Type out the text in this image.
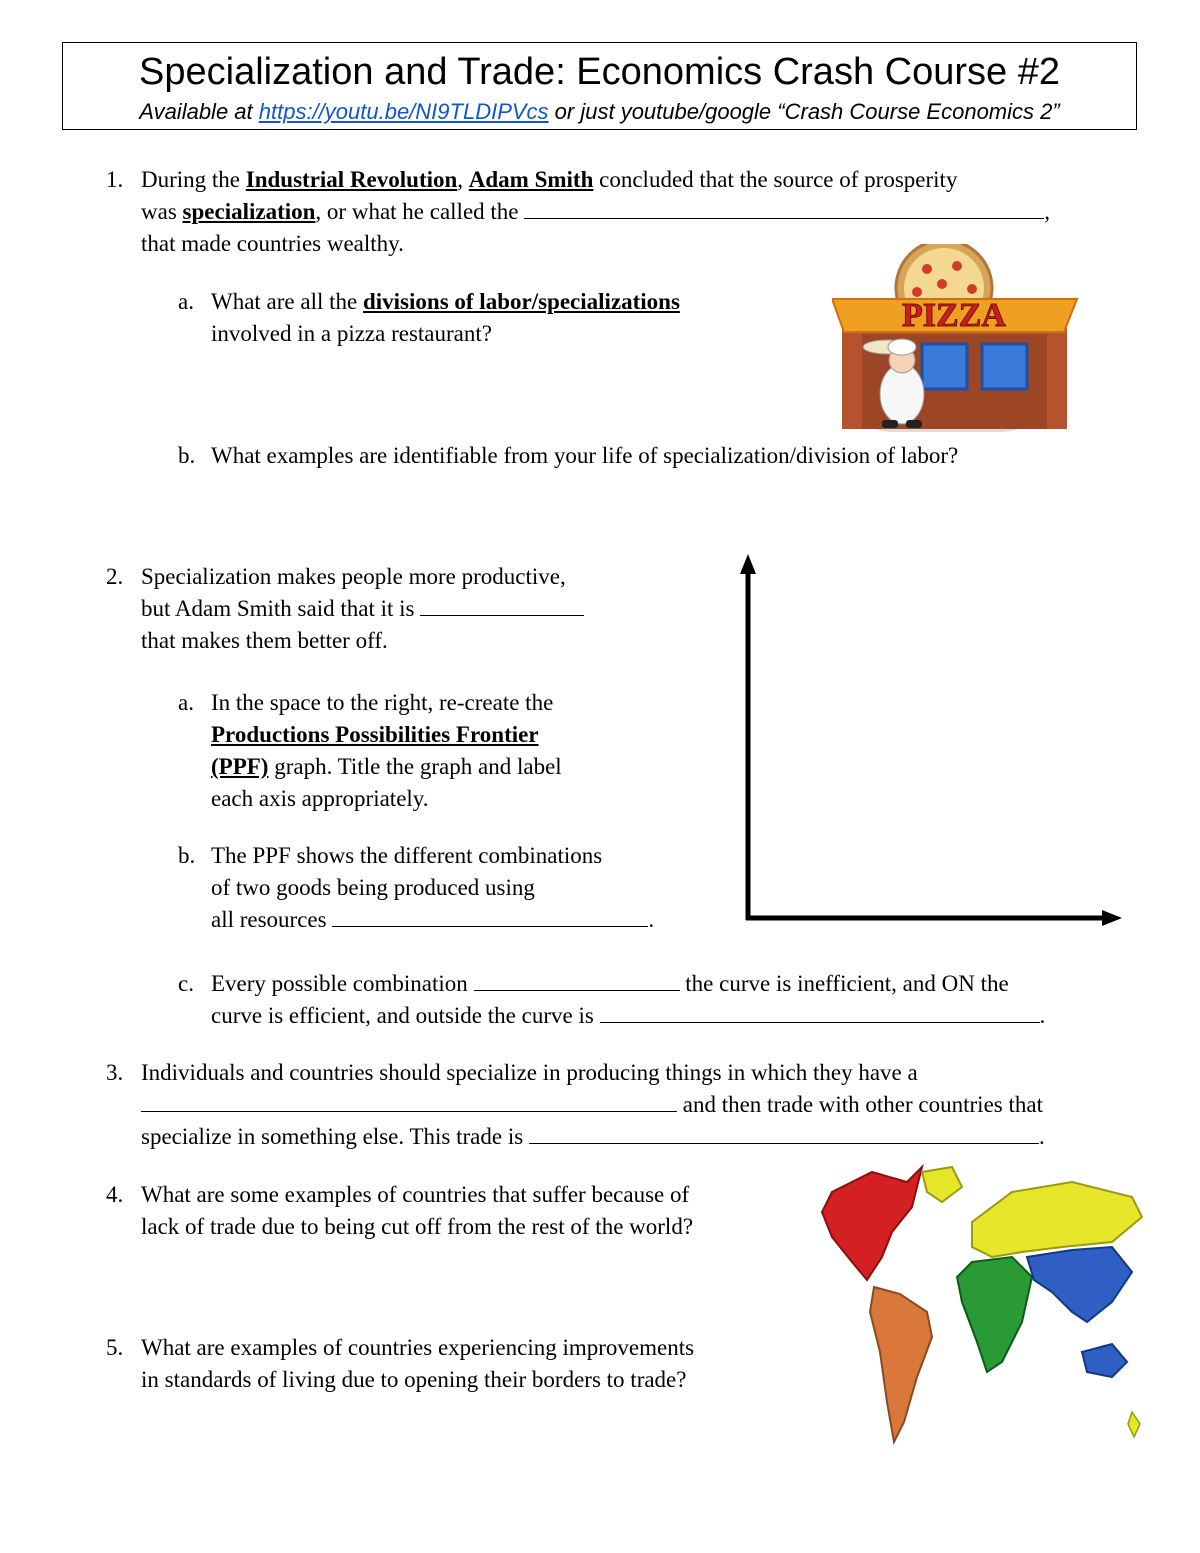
Specialization and Trade: Economics Crash Course #2
Available at https://youtu.be/NI9TLDIPVcs or just youtube/google “Crash Course Economics 2”
1. During the Industrial Revolution, Adam Smith concluded that the source of prosperity
was specialization, or what he called the	,
that made countries wealthy.
a. What are all the divisions of labor/specializations
involved in a pizza restaurant?	PIZZA
b. What examples are identifiable from your life of specialization/division of labor?
2. Specialization makes people more productive,
but Adam Smith said that it is
that makes them better off.
a. In the space to the right, re-create the
Productions Possibilities Frontier
(PPF) graph. Title the graph and label
each axis appropriately.
b. The PPF shows the different combinations
of two goods being produced using
all resources	.
c. Every possible combination	the curve is inefficient, and ON the
curve is efficient, and outside the curve is	.
3. Individuals and countries should specialize in producing things in which they have a
and then trade with other countries that
specialize in something else. This trade is	.
4. What are some examples of countries that suffer because of
lack of trade due to being cut off from the rest of the world?
5. What are examples of countries experiencing improvements
in standards of living due to opening their borders to trade?
